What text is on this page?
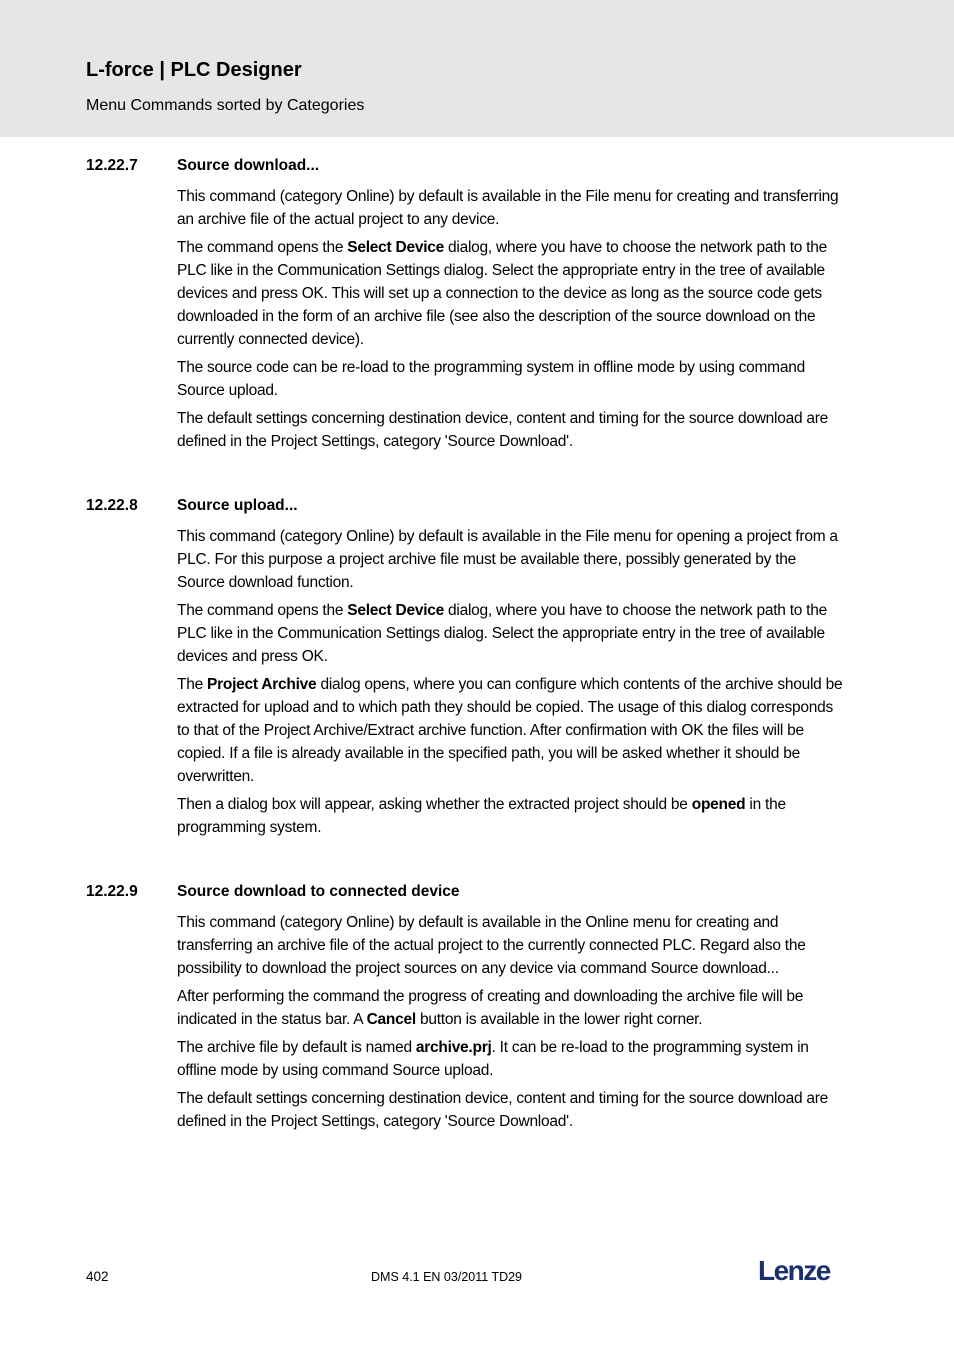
L-force | PLC Designer
Menu Commands sorted by Categories
12.22.7	Source download...

This command (category Online) by default is available in the File menu for creating and transferring an archive file of the actual project to any device.

The command opens the Select Device dialog, where you have to choose the network path to the PLC like in the Communication Settings dialog. Select the appropriate entry in the tree of available devices and press OK. This will set up a connection to the device as long as the source code gets downloaded in the form of an archive file (see also the description of the source download on the currently connected device).

The source code can be re-load to the programming system in offline mode by using command Source upload.

The default settings concerning destination device, content and timing for the source download are defined in the Project Settings, category 'Source Download'.

12.22.8	Source upload...

This command (category Online) by default is available in the File menu for opening a project from a PLC. For this purpose a project archive file must be available there, possibly generated by the Source download function.

The command opens the Select Device dialog, where you have to choose the network path to the PLC like in the Communication Settings dialog. Select the appropriate entry in the tree of available devices and press OK.

The Project Archive dialog opens, where you can configure which contents of the archive should be extracted for upload and to which path they should be copied. The usage of this dialog corresponds to that of the Project Archive/Extract archive function. After confirmation with OK the files will be copied. If a file is already available in the specified path, you will be asked whether it should be overwritten.

Then a dialog box will appear, asking whether the extracted project should be opened in the programming system.

12.22.9	Source download to connected device

This command (category Online) by default is available in the Online menu for creating and transferring an archive file of the actual project to the currently connected PLC. Regard also the possibility to download the project sources on any device via command Source download...

After performing the command the progress of creating and downloading the archive file will be indicated in the status bar. A Cancel button is available in the lower right corner.

The archive file by default is named archive.prj. It can be re-load to the programming system in offline mode by using command Source upload.

The default settings concerning destination device, content and timing for the source download are defined in the Project Settings, category 'Source Download'.

402	DMS 4.1 EN 03/2011 TD29	Lenze
